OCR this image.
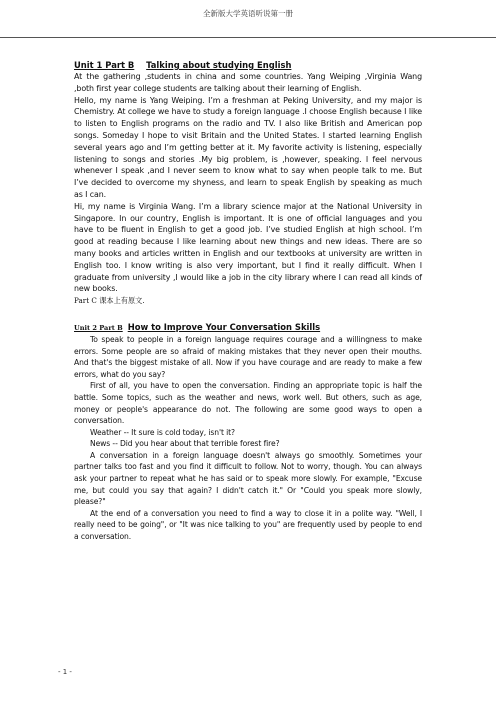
全新版大学英语听说第一册
Unit 1 Part B Talking about studying English

At the gathering ,students in china and some countries. Yang Weiping ,Virginia Wang ,both first year college students are talking about their learning of English.

Hello, my name is Yang Weiping. I’m a freshman at Peking University, and my major is Chemistry. At college we have to study a foreign language .I choose English because I like to listen to English programs on the radio and TV. I also like British and American pop songs. Someday I hope to visit Britain and the United States. I started learning English several years ago and I’m getting better at it. My favorite activity is listening, especially listening to songs and stories .My big problem, is ,however, speaking. I feel nervous whenever I speak ,and I never seem to know what to say when people talk to me. But I’ve decided to overcome my shyness, and learn to speak English by speaking as much as I can.

Hi, my name is Virginia Wang. I’m a library science major at the National University in Singapore. In our country, English is important. It is one of official languages and you have to be fluent in English to get a good job. I’ve studied English at high school. I’m good at reading because I like learning about new things and new ideas. There are so many books and articles written in English and our textbooks at university are written in English too. I know writing is also very important, but I find it really difficult. When I graduate from university ,I would like a job in the city library where I can read all kinds of new books.

Part C 课本上有原文.

Unit 2 Part B How to Improve Your Conversation Skills

To speak to people in a foreign language requires courage and a willingness to make errors. Some people are so afraid of making mistakes that they never open their mouths. And that's the biggest mistake of all. Now if you have courage and are ready to make a few errors, what do you say?

First of all, you have to open the conversation. Finding an appropriate topic is half the battle. Some topics, such as the weather and news, work well. But others, such as age, money or people's appearance do not. The following are some good ways to open a conversation.

Weather -- It sure is cold today, isn't it?

News -- Did you hear about that terrible forest fire?

A conversation in a foreign language doesn't always go smoothly. Sometimes your partner talks too fast and you find it difficult to follow. Not to worry, though. You can always ask your partner to repeat what he has said or to speak more slowly. For example, "Excuse me, but could you say that again? I didn't catch it." Or "Could you speak more slowly, please?"

At the end of a conversation you need to find a way to close it in a polite way. "Well, I really need to be going", or "It was nice talking to you" are frequently used by people to end a conversation.

- 1 -
